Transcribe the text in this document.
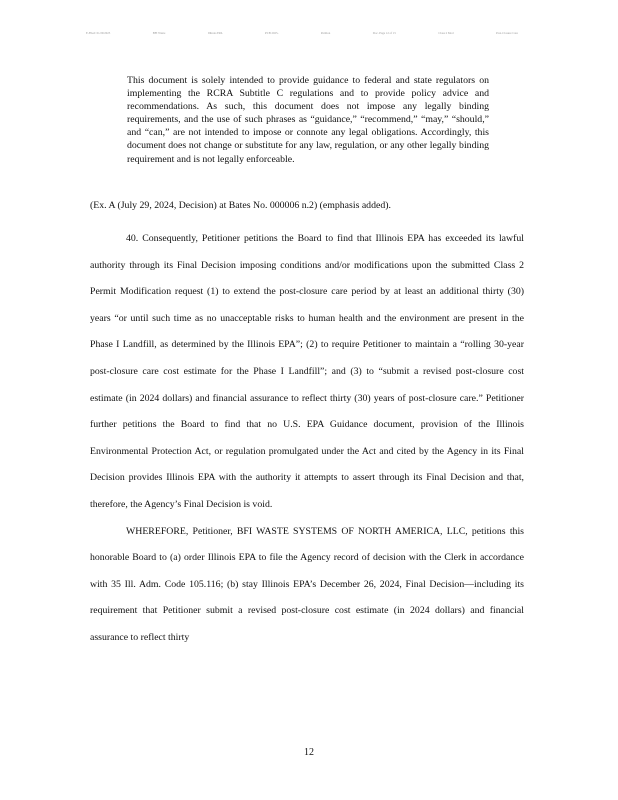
E-Filed: 01/29/2025	BFI Waste	Illinois EPA	PCB 2025-	Petition	Doc. Page 12 of 15	Class 2 Mod	Post-Closure Care

This document is solely intended to provide guidance to federal and state regulators on implementing the RCRA Subtitle C regulations and to provide policy advice and recommendations. As such, this document does not impose any legally binding requirements, and the use of such phrases as “guidance,” “recommend,” “may,” “should,” and “can,” are not intended to impose or connote any legal obligations. Accordingly, this document does not change or substitute for any law, regulation, or any other legally binding requirement and is not legally enforceable.

(Ex. A (July 29, 2024, Decision) at Bates No. 000006 n.2) (emphasis added).

40. Consequently, Petitioner petitions the Board to find that Illinois EPA has exceeded its lawful authority through its Final Decision imposing conditions and/or modifications upon the submitted Class 2 Permit Modification request (1) to extend the post-closure care period by at least an additional thirty (30) years “or until such time as no unacceptable risks to human health and the environment are present in the Phase I Landfill, as determined by the Illinois EPA”; (2) to require Petitioner to maintain a “rolling 30-year post-closure care cost estimate for the Phase I Landfill”; and (3) to “submit a revised post-closure cost estimate (in 2024 dollars) and financial assurance to reflect thirty (30) years of post-closure care.” Petitioner further petitions the Board to find that no U.S. EPA Guidance document, provision of the Illinois Environmental Protection Act, or regulation promulgated under the Act and cited by the Agency in its Final Decision provides Illinois EPA with the authority it attempts to assert through its Final Decision and that, therefore, the Agency’s Final Decision is void.

WHEREFORE, Petitioner, BFI WASTE SYSTEMS OF NORTH AMERICA, LLC, petitions this honorable Board to (a) order Illinois EPA to file the Agency record of decision with the Clerk in accordance with 35 Ill. Adm. Code 105.116; (b) stay Illinois EPA’s December 26, 2024, Final Decision—including its requirement that Petitioner submit a revised post-closure cost estimate (in 2024 dollars) and financial assurance to reflect thirty

12
